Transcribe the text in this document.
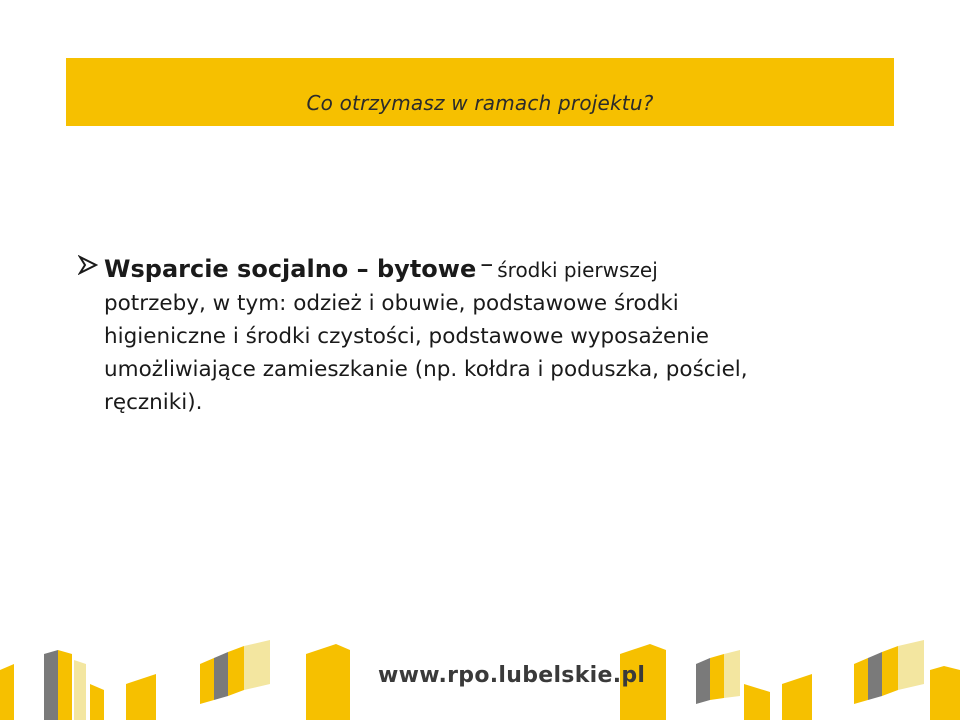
Co otrzymasz w ramach projektu?
Wsparcie socjalno – bytowe – środki pierwszej
potrzeby, w tym: odzież i obuwie, podstawowe środki
higieniczne i środki czystości, podstawowe wyposażenie
umożliwiające zamieszkanie (np. kołdra i poduszka, pościel,
ręczniki).
www.rpo.lubelskie.pl
